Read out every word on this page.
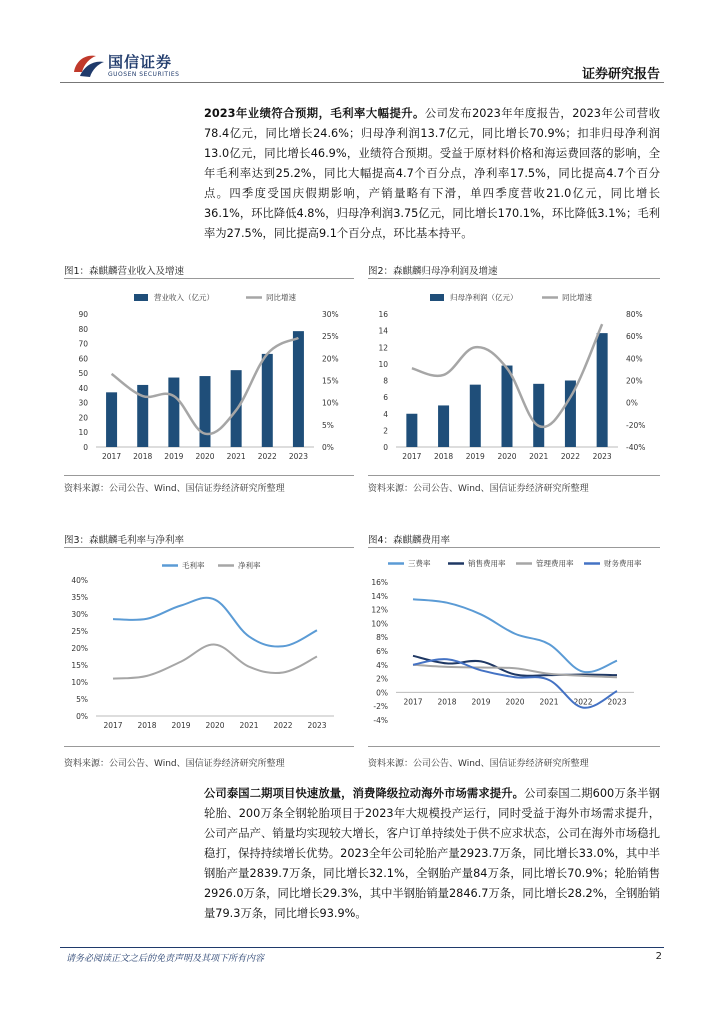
国信证券
GUOSEN SECURITIES	证券研究报告
2023年业绩符合预期，毛利率大幅提升。公司发布2023年年度报告，2023年公司营收78.4亿元，同比增长24.6%；归母净利润13.7亿元，同比增长70.9%；扣非归母净利润13.0亿元，同比增长46.9%，业绩符合预期。受益于原材料价格和海运费回落的影响，全年毛利率达到25.2%，同比大幅提高4.7个百分点，净利率17.5%，同比提高4.7个百分点。四季度受国庆假期影响，产销量略有下滑，单四季度营收21.0亿元，同比增长36.1%，环比降低4.8%，归母净利润3.75亿元，同比增长170.1%，环比降低3.1%；毛利率为27.5%，同比提高9.1个百分点，环比基本持平。
图1：森麒麟营业收入及增速
营业收入（亿元）	同比增速
0
10
20
30
40
50
60
70
80
90
0%
5%
10%
15%
20%
25%
30%
2017 2018 2019 2020 2021 2022 2023
资料来源：公司公告、Wind、国信证券经济研究所整理
图2：森麒麟归母净利润及增速
归母净利润（亿元）	同比增速
0
2
4
6
8
10
12
14
16
-40%
-20%
0%
20%
40%
60%
80%
2017 2018 2019 2020 2021 2022 2023
资料来源：公司公告、Wind、国信证券经济研究所整理
图3：森麒麟毛利率与净利率
毛利率	净利率
0%
5%
10%
15%
20%
25%
30%
35%
40%
2017 2018 2019 2020 2021 2022 2023
资料来源：公司公告、Wind、国信证券经济研究所整理
图4：森麒麟费用率
三费率	销售费用率	管理费用率	财务费用率
-4%
-2%
0%
2%
4%
6%
8%
10%
12%
14%
16%
2017 2018 2019 2020 2021 2022 2023
资料来源：公司公告、Wind、国信证券经济研究所整理
公司泰国二期项目快速放量，消费降级拉动海外市场需求提升。公司泰国二期600万条半钢轮胎、200万条全钢轮胎项目于2023年大规模投产运行，同时受益于海外市场需求提升，公司产品产、销量均实现较大增长，客户订单持续处于供不应求状态，公司在海外市场稳扎稳打，保持持续增长优势。2023全年公司轮胎产量2923.7万条，同比增长33.0%，其中半钢胎产量2839.7万条，同比增长32.1%，全钢胎产量84万条，同比增长70.9%；轮胎销售2926.0万条，同比增长29.3%，其中半钢胎销量2846.7万条，同比增长28.2%，全钢胎销量79.3万条，同比增长93.9%。
请务必阅读正文之后的免责声明及其项下所有内容	2
